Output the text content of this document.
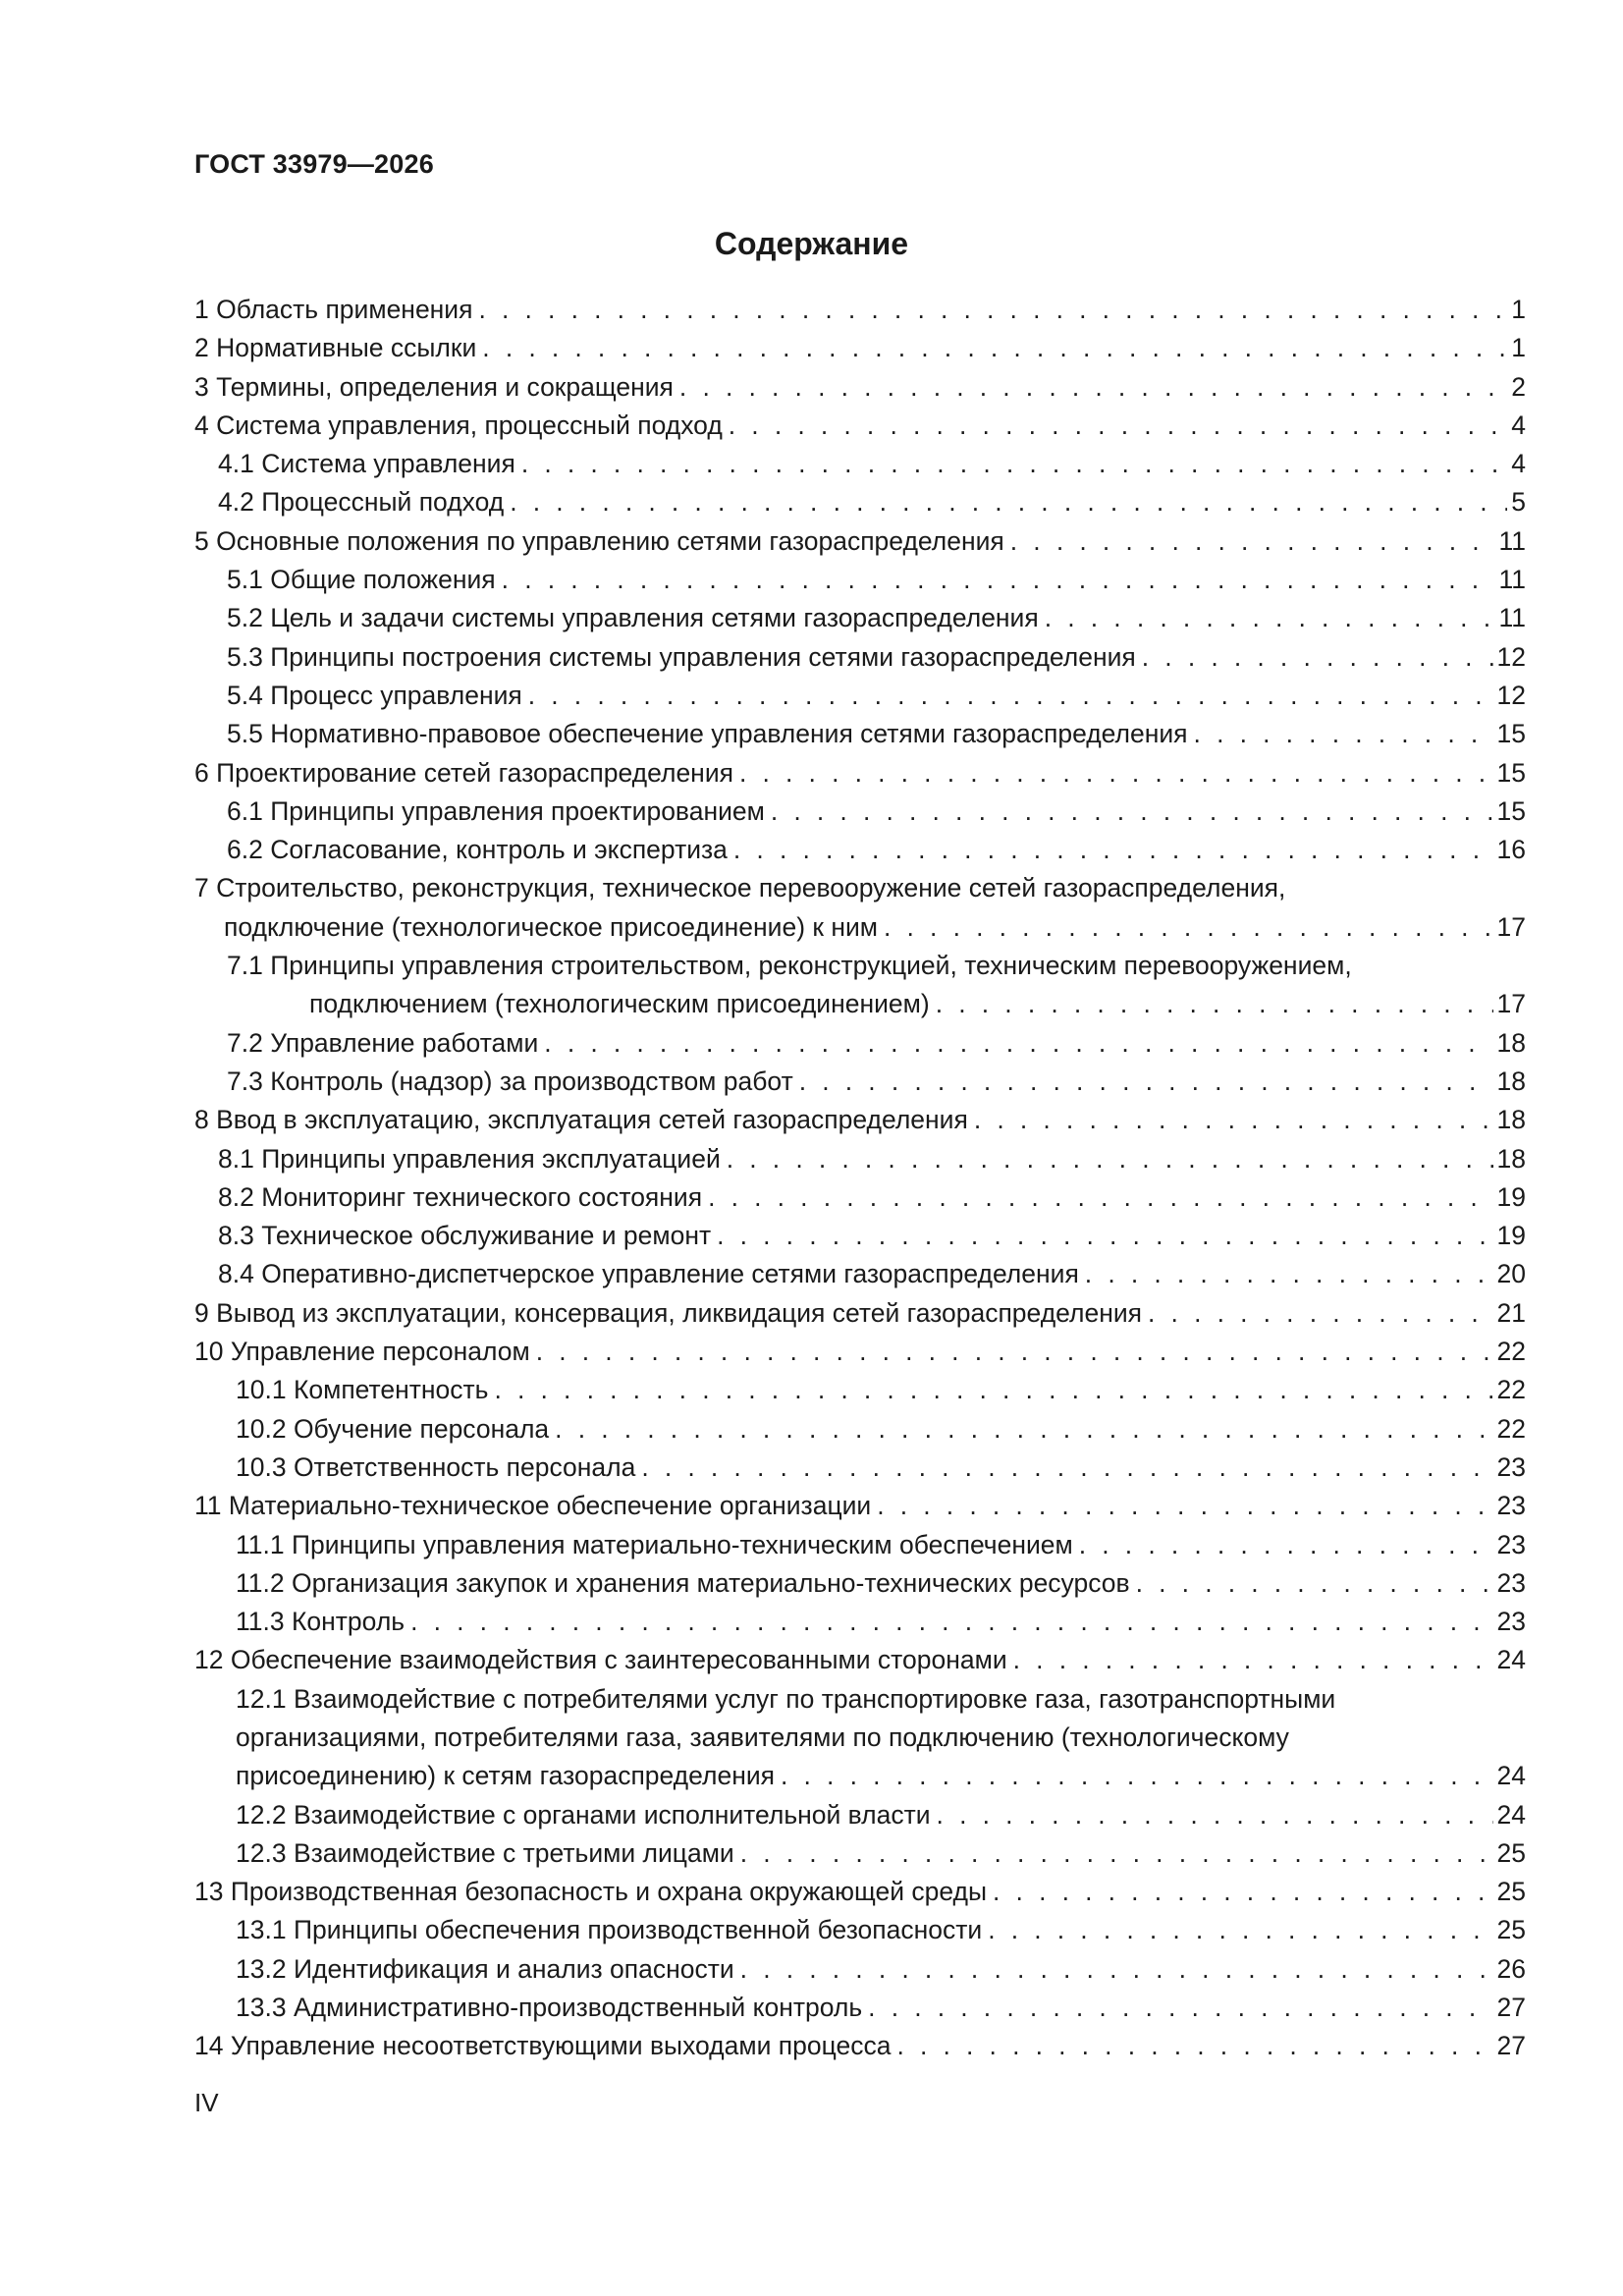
ГОСТ 33979—2026
Содержание
1 Область применения . . .	1
2 Нормативные ссылки . . .	1
3 Термины, определения и сокращения . . .	2
4 Система управления, процессный подход . . .	4
4.1 Система управления . . .	4
4.2 Процессный подход . . .	5
5 Основные положения по управлению сетями газораспределения . . .	11
5.1 Общие положения . . .	11
5.2 Цель и задачи системы управления сетями газораспределения . . .	11
5.3 Принципы построения системы управления сетями газораспределения . . .	12
5.4 Процесс управления . . .	12
5.5 Нормативно-правовое обеспечение управления сетями газораспределения . . .	15
6 Проектирование сетей газораспределения . . .	15
6.1 Принципы управления проектированием . . .	15
6.2 Согласование, контроль и экспертиза . . .	16
7 Строительство, реконструкция, техническое перевооружение сетей газораспределения,
подключение (технологическое присоединение) к ним . . .	17
7.1 Принципы управления строительством, реконструкцией, техническим перевооружением,
подключением (технологическим присоединением) . . .	17
7.2 Управление работами . . .	18
7.3 Контроль (надзор) за производством работ . . .	18
8 Ввод в эксплуатацию, эксплуатация сетей газораспределения . . .	18
8.1 Принципы управления эксплуатацией . . .	18
8.2 Мониторинг технического состояния . . .	19
8.3 Техническое обслуживание и ремонт . . .	19
8.4 Оперативно-диспетчерское управление сетями газораспределения . . .	20
9 Вывод из эксплуатации, консервация, ликвидация сетей газораспределения . . .	21
10 Управление персоналом . . .	22
10.1 Компетентность . . .	22
10.2 Обучение персонала . . .	22
10.3 Ответственность персонала . . .	23
11 Материально-техническое обеспечение организации . . .	23
11.1 Принципы управления материально-техническим обеспечением . . .	23
11.2 Организация закупок и хранения материально-технических ресурсов . . .	23
11.3 Контроль . . .	23
12 Обеспечение взаимодействия с заинтересованными сторонами . . .	24
12.1 Взаимодействие с потребителями услуг по транспортировке газа, газотранспортными
организациями, потребителями газа, заявителями по подключению (технологическому
присоединению) к сетям газораспределения . . .	24
12.2 Взаимодействие с органами исполнительной власти . . .	24
12.3 Взаимодействие с третьими лицами . . .	25
13 Производственная безопасность и охрана окружающей среды . . .	25
13.1 Принципы обеспечения производственной безопасности . . .	25
13.2 Идентификация и анализ опасности . . .	26
13.3 Административно-производственный контроль . . .	27
14 Управление несоответствующими выходами процесса . . .	27
IV
